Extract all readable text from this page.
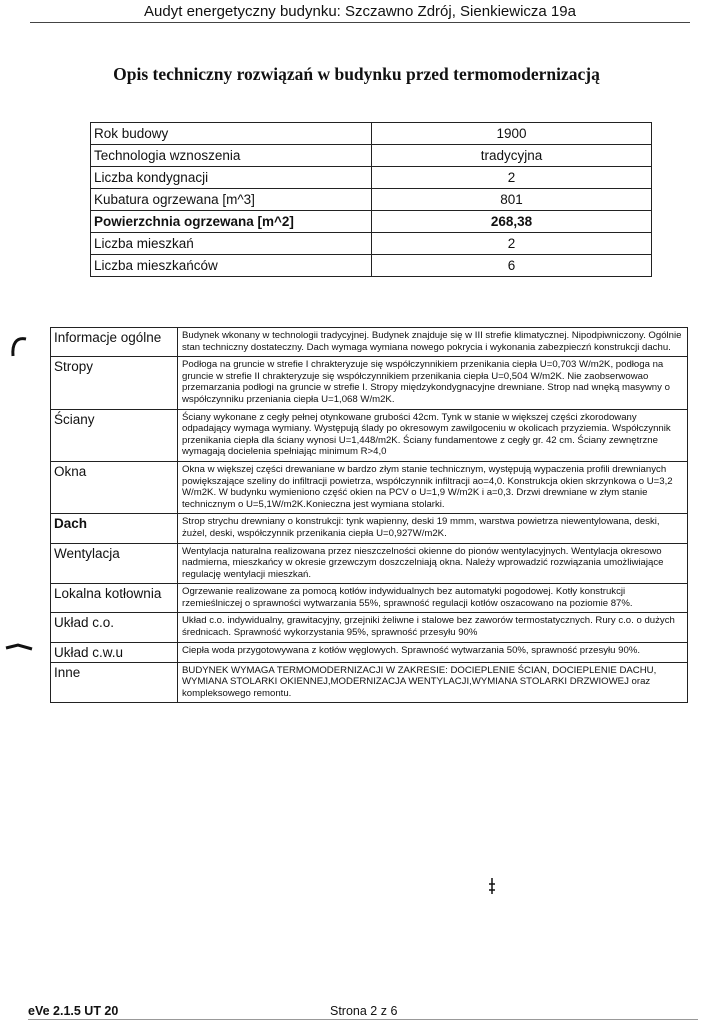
Audyt energetyczny budynku: Szczawno Zdrój, Sienkiewicza 19a
Opis techniczny rozwiązań w budynku przed termomodernizacją
Rok budowy	1900
Technologia wznoszenia	tradycyjna
Liczba kondygnacji	2
Kubatura ogrzewana [m^3]	801
Powierzchnia ogrzewana [m^2]	268,38
Liczba mieszkań	2
Liczba mieszkańców	6
Informacje ogólne	Budynek wkonany w technologii tradycyjnej. Budynek znajduje się w III strefie klimatycznej. Nipodpiwniczony. Ogólnie stan techniczny dostateczny. Dach wymaga wymiana nowego pokrycia i wykonania zabezpieczń konstrukcji dachu.
Stropy	Podłoga na gruncie w strefie I chrakteryzuje się współczynnikiem przenikania ciepła U=0,703 W/m2K, podłoga na gruncie w strefie II chrakteryzuje się współczynnikiem przenikania ciepła U=0,504 W/m2K. Nie zaobserwowao przemarzania podłogi na gruncie w strefie I. Stropy międzykondygnacyjne drewniane. Strop nad wnęką masywny o współczynniku przeniania ciepła U=1,068 W/m2K.
Ściany	Ściany wykonane z cegły pełnej otynkowane grubości 42cm. Tynk w stanie w większej części zkorodowany odpadający wymaga wymiany. Występują ślady po okresowym zawilgoceniu w okolicach przyziemia. Współczynnik przenikania ciepła dla ściany wynosi U=1,448/m2K. Ściany fundamentowe z cegły gr. 42 cm. Ściany zewnętrzne wymagają docielenia spełniając minimum R>4,0
Okna	Okna w większej części drewaniane w bardzo złym stanie technicznym, występują wypaczenia profili drewnianych powiększające szeliny do infiltracji powietrza, współczynnik infiltracji ao=4,0. Konstrukcja okien skrzynkowa o U=3,2 W/m2K. W budynku wymieniono część okien na PCV o U=1,9 W/m2K i a=0,3. Drzwi drewniane w złym stanie technicznym o U=5,1W/m2K.Konieczna jest wymiana stolarki.
Dach	Strop strychu drewniany o konstrukcji: tynk wapienny, deski 19 mmm, warstwa powietrza niewentylowana, deski, żużel, deski, współczynnik przenikania ciepła U=0,927W/m2K.
Wentylacja	Wentylacja naturalna realizowana przez nieszczelności okienne do pionów wentylacyjnych. Wentylacja okresowo nadmierna, mieszkańcy w okresie grzewczym doszczelniają okna. Należy wprowadzić rozwiązania umożliwiające regulację wentylacji mieszkań.
Lokalna kotłownia	Ogrzewanie realizowane za pomocą kotłów indywidualnych bez automatyki pogodowej. Kotły konstrukcji rzemieślniczej o sprawności wytwarzania 55%, sprawność regulacji kotłów oszacowano na poziomie 87%.
Układ c.o.	Układ c.o. indywidualny, grawitacyjny, grzejniki żeliwne i stalowe bez zaworów termostatycznych. Rury c.o. o dużych średnicach. Sprawność wykorzystania 95%, sprawność przesyłu 90%
Układ c.w.u	Ciepła woda przygotowywana z kotłów węglowych. Sprawność wytwarzania 50%, sprawność przesyłu 90%.
Inne	BUDYNEK WYMAGA TERMOMODERNIZACJI W ZAKRESIE: DOCIEPLENIE ŚCIAN, DOCIEPLENIE DACHU, WYMIANA STOLARKI OKIENNEJ,MODERNIZACJA WENTYLACJI,WYMIANA STOLARKI DRZWIOWEJ oraz kompleksowego remontu.
eVe 2.1.5 UT 20	Strona 2 z 6
